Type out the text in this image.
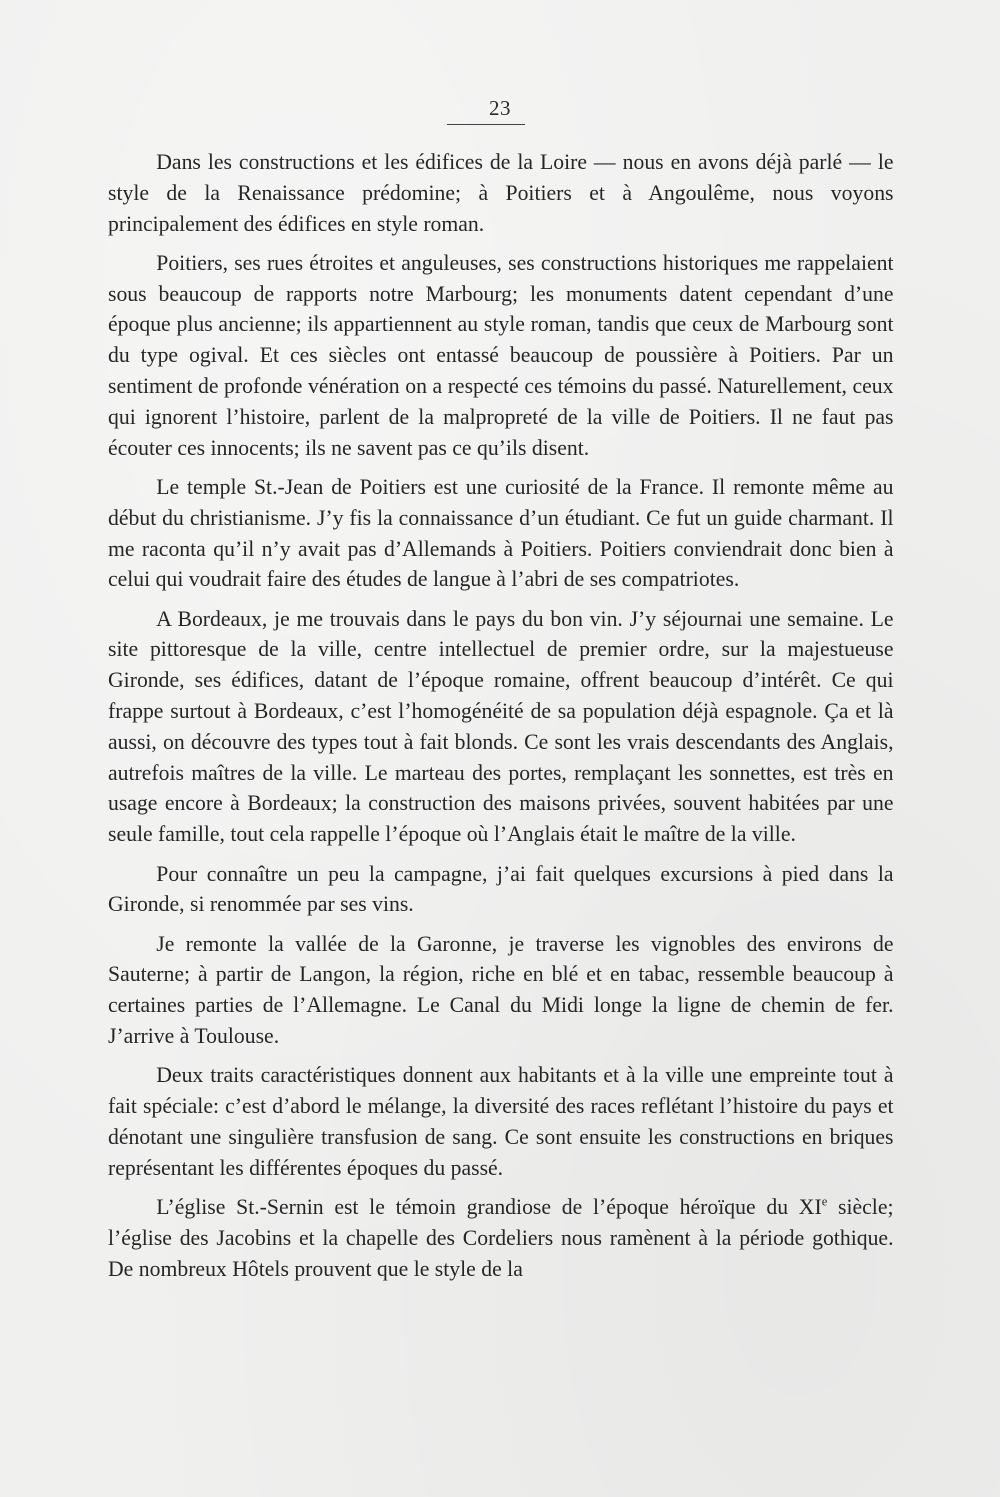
23

Dans les constructions et les édifices de la Loire — nous en avons déjà parlé — le style de la Renaissance prédomine; à Poitiers et à Angoulême, nous voyons principalement des édifices en style roman.

Poitiers, ses rues étroites et anguleuses, ses constructions historiques me rappelaient sous beaucoup de rapports notre Marbourg; les monuments datent cependant d’une époque plus ancienne; ils appartiennent au style roman, tandis que ceux de Marbourg sont du type ogival. Et ces siècles ont entassé beaucoup de poussière à Poitiers. Par un sentiment de profonde vénération on a respecté ces témoins du passé. Naturellement, ceux qui ignorent l’histoire, parlent de la malpropreté de la ville de Poitiers. Il ne faut pas écouter ces innocents; ils ne savent pas ce qu’ils disent.

Le temple St.-Jean de Poitiers est une curiosité de la France. Il remonte même au début du christianisme. J’y fis la connaissance d’un étudiant. Ce fut un guide charmant. Il me raconta qu’il n’y avait pas d’Allemands à Poitiers. Poitiers conviendrait donc bien à celui qui voudrait faire des études de langue à l’abri de ses compatriotes.

A Bordeaux, je me trouvais dans le pays du bon vin. J’y séjournai une semaine. Le site pittoresque de la ville, centre intellectuel de premier ordre, sur la majestueuse Gironde, ses édifices, datant de l’époque romaine, offrent beaucoup d’intérêt. Ce qui frappe surtout à Bordeaux, c’est l’homogénéité de sa population déjà espagnole. Ça et là aussi, on découvre des types tout à fait blonds. Ce sont les vrais descendants des Anglais, autrefois maîtres de la ville. Le marteau des portes, remplaçant les sonnettes, est très en usage encore à Bordeaux; la construction des maisons privées, souvent habitées par une seule famille, tout cela rappelle l’époque où l’Anglais était le maître de la ville.

Pour connaître un peu la campagne, j’ai fait quelques excursions à pied dans la Gironde, si renommée par ses vins.

Je remonte la vallée de la Garonne, je traverse les vignobles des environs de Sauterne; à partir de Langon, la région, riche en blé et en tabac, ressemble beaucoup à certaines parties de l’Allemagne. Le Canal du Midi longe la ligne de chemin de fer. J’arrive à Toulouse.

Deux traits caractéristiques donnent aux habitants et à la ville une empreinte tout à fait spéciale: c’est d’abord le mélange, la diversité des races reflétant l’histoire du pays et dénotant une singulière transfusion de sang. Ce sont ensuite les constructions en briques représentant les différentes époques du passé.

L’église St.-Sernin est le témoin grandiose de l’époque héroïque du XIe siècle; l’église des Jacobins et la chapelle des Cordeliers nous ramènent à la période gothique. De nombreux Hôtels prouvent que le style de la
